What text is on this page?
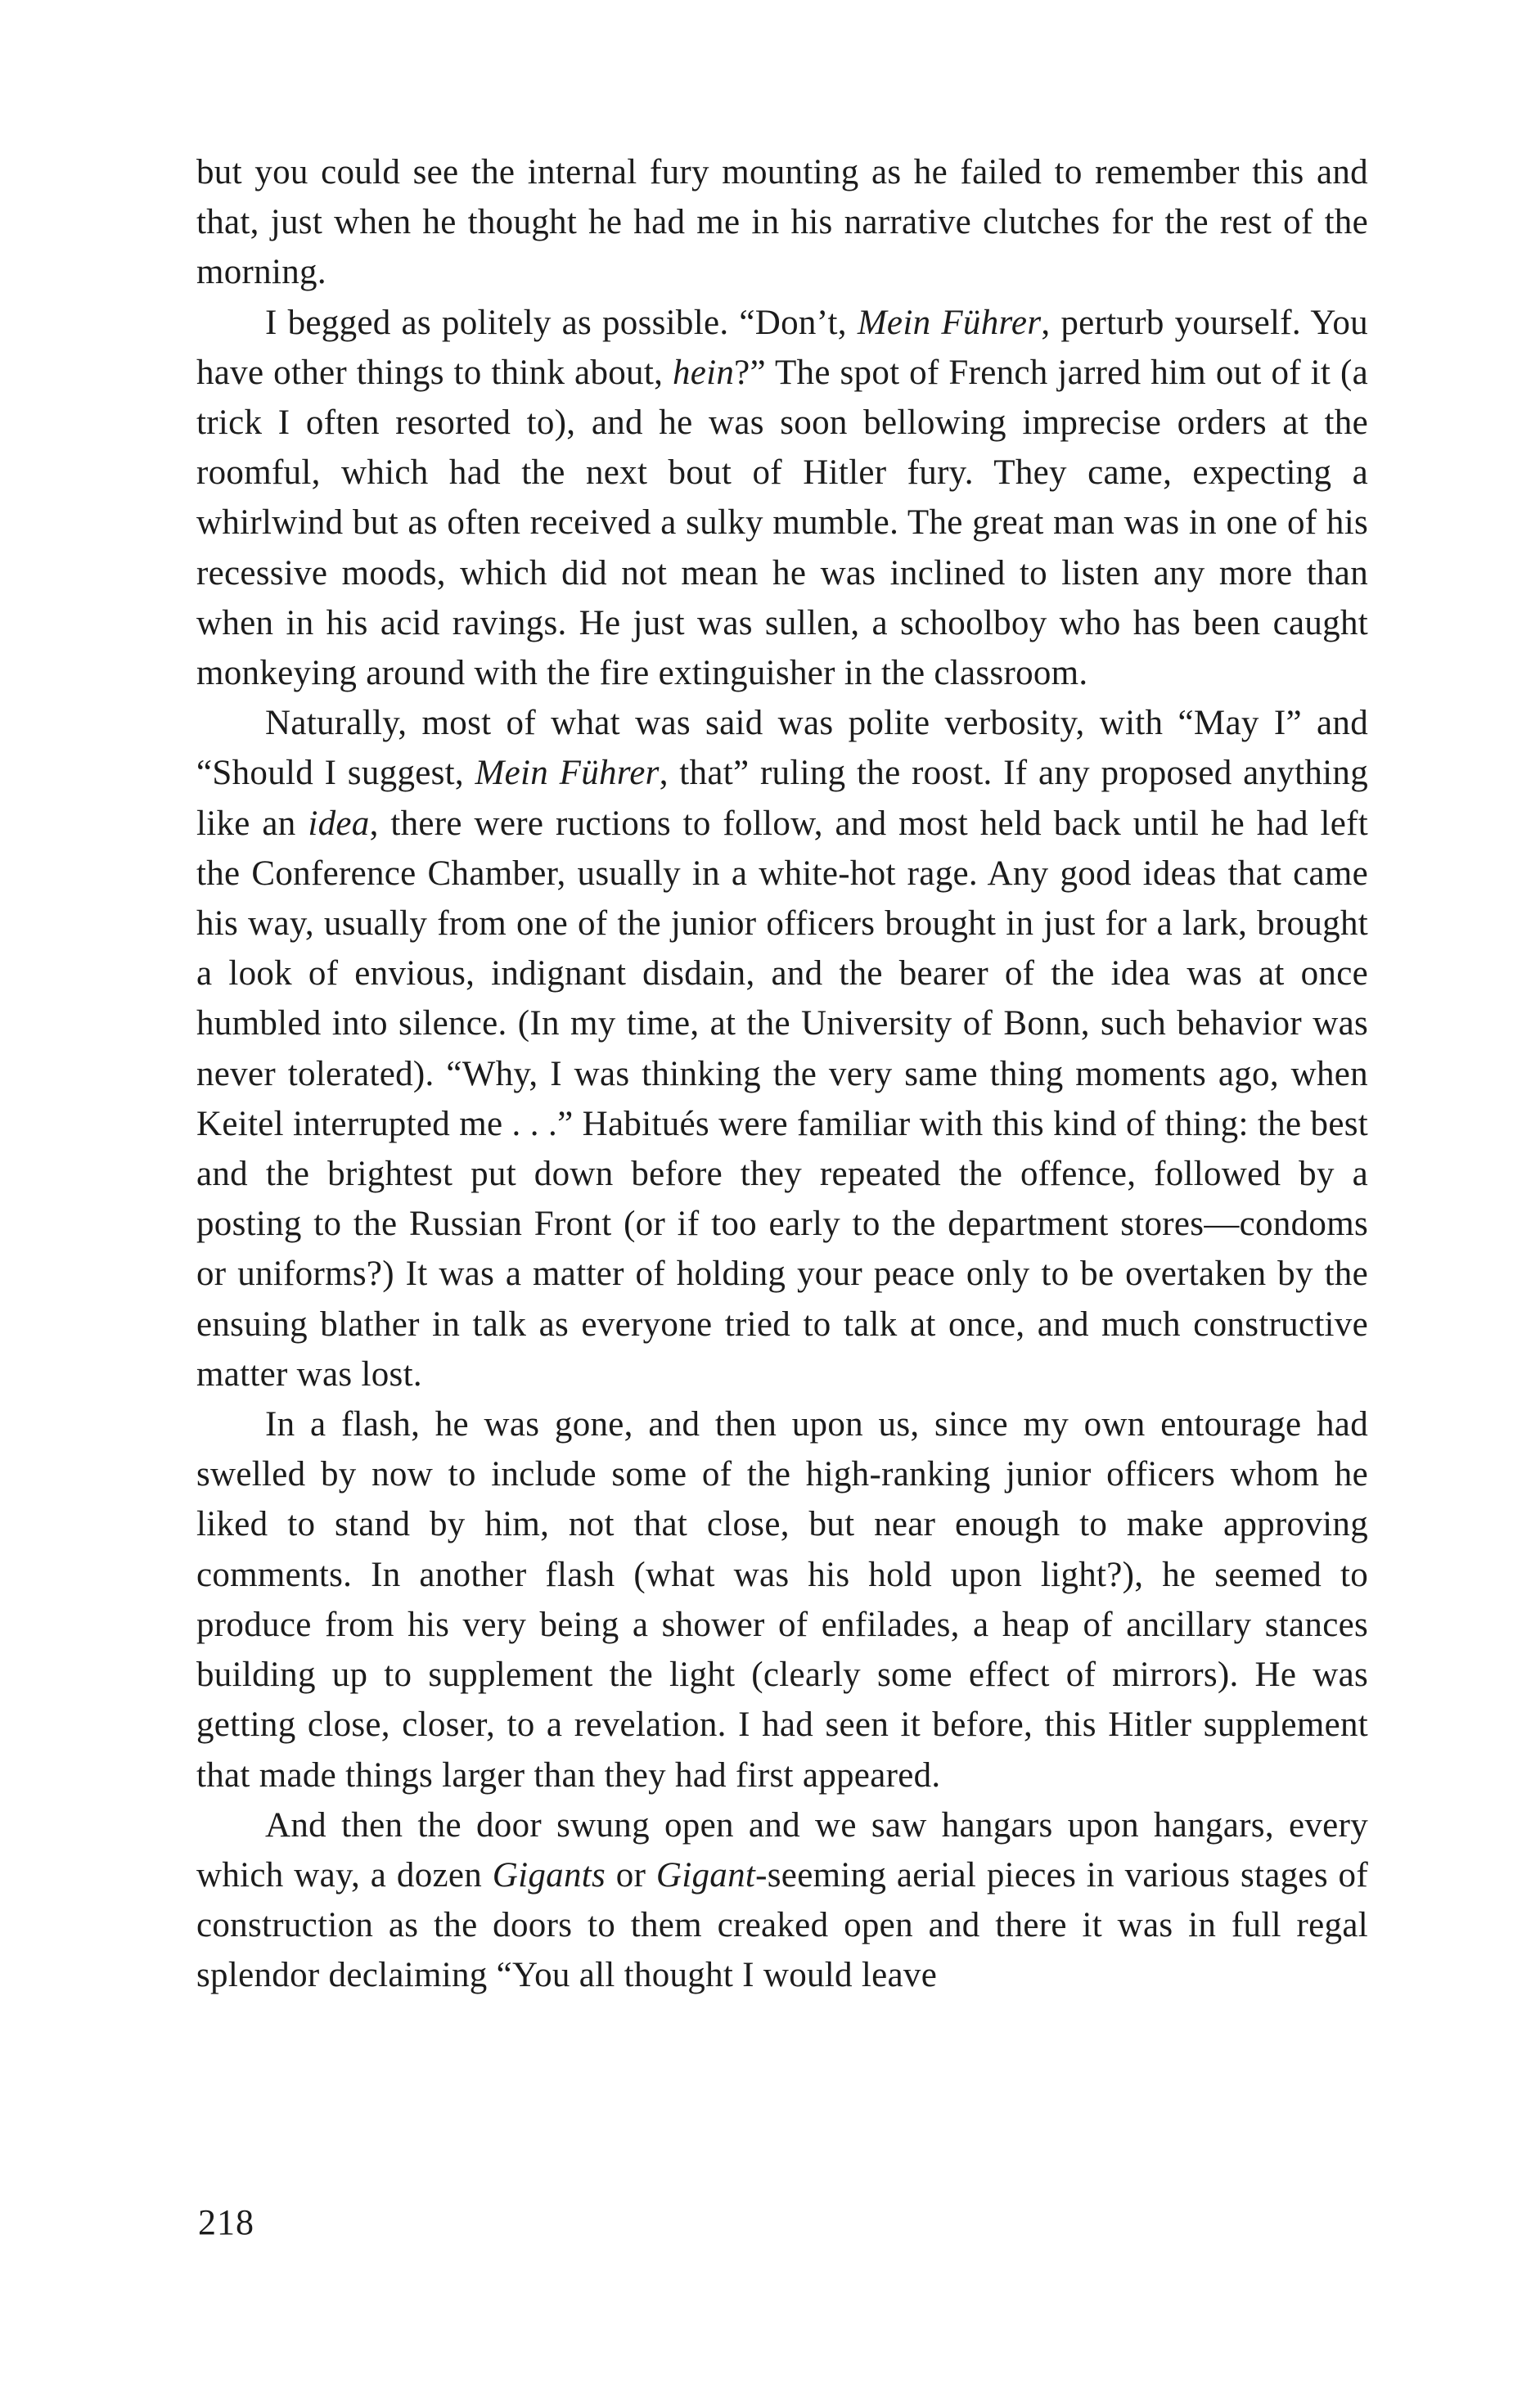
but you could see the internal fury mounting as he failed to remember this and that, just when he thought he had me in his narrative clutches for the rest of the morning.

I begged as politely as possible. “Don’t, Mein Führer, perturb yourself. You have other things to think about, hein?” The spot of French jarred him out of it (a trick I often resorted to), and he was soon bellowing imprecise orders at the roomful, which had the next bout of Hitler fury. They came, expecting a whirlwind but as often received a sulky mumble. The great man was in one of his recessive moods, which did not mean he was inclined to listen any more than when in his acid ravings. He just was sullen, a schoolboy who has been caught monkeying around with the fire extinguisher in the classroom.

Naturally, most of what was said was polite verbosity, with “May I” and “Should I suggest, Mein Führer, that” ruling the roost. If any proposed anything like an idea, there were ructions to follow, and most held back until he had left the Conference Chamber, usually in a white-hot rage. Any good ideas that came his way, usually from one of the junior officers brought in just for a lark, brought a look of envious, indignant disdain, and the bearer of the idea was at once humbled into silence. (In my time, at the University of Bonn, such behavior was never tolerated). “Why, I was thinking the very same thing moments ago, when Keitel interrupted me . . .” Habitués were familiar with this kind of thing: the best and the brightest put down before they repeated the offence, followed by a posting to the Russian Front (or if too early to the department stores—condoms or uniforms?) It was a matter of holding your peace only to be overtaken by the ensuing blather in talk as everyone tried to talk at once, and much constructive matter was lost.

In a flash, he was gone, and then upon us, since my own entourage had swelled by now to include some of the high-ranking junior officers whom he liked to stand by him, not that close, but near enough to make approving comments. In another flash (what was his hold upon light?), he seemed to produce from his very being a shower of enfilades, a heap of ancillary stances building up to supplement the light (clearly some effect of mirrors). He was getting close, closer, to a revelation. I had seen it before, this Hitler supplement that made things larger than they had first appeared.

And then the door swung open and we saw hangars upon hangars, every which way, a dozen Gigants or Gigant-seeming aerial pieces in various stages of construction as the doors to them creaked open and there it was in full regal splendor declaiming “You all thought I would leave

218
